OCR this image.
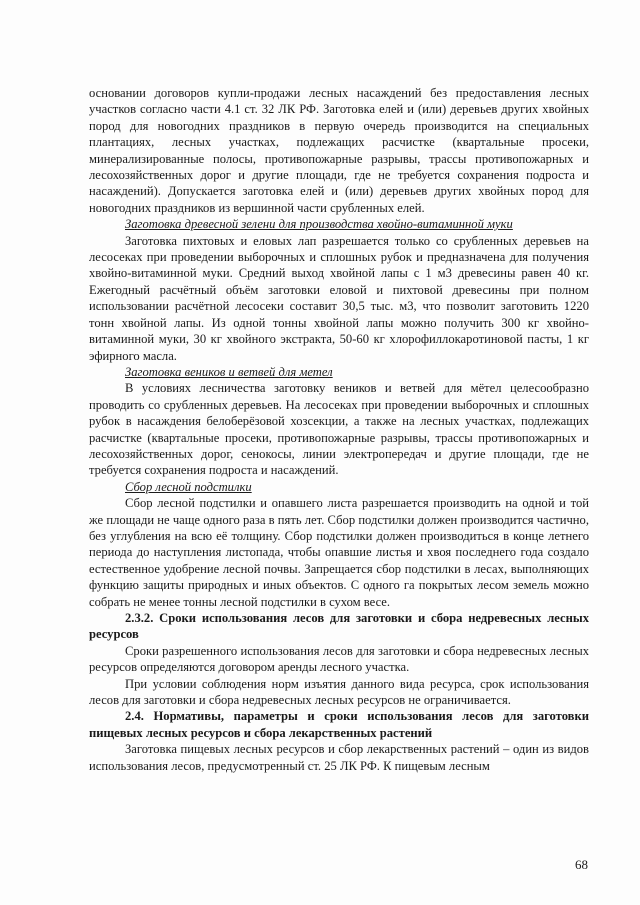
основании договоров купли-продажи лесных насаждений без предоставления лесных участков согласно части 4.1 ст. 32 ЛК РФ. Заготовка елей и (или) деревьев других хвойных пород для новогодних праздников в первую очередь производится на специальных плантациях, лесных участках, подлежащих расчистке (квартальные просеки, минерализированные полосы, противопожарные разрывы, трассы противопожарных и лесохозяйственных дорог и другие площади, где не требуется сохранения подроста и насаждений). Допускается заготовка елей и (или) деревьев других хвойных пород для новогодних праздников из вершинной части срубленных елей.

Заготовка древесной зелени для производства хвойно-витаминной муки

Заготовка пихтовых и еловых лап разрешается только со срубленных деревьев на лесосеках при проведении выборочных и сплошных рубок и предназначена для получения хвойно-витаминной муки. Средний выход хвойной лапы с 1 м3 древесины равен 40 кг. Ежегодный расчётный объём заготовки еловой и пихтовой древесины при полном использовании расчётной лесосеки составит 30,5 тыс. м3, что позволит заготовить 1220 тонн хвойной лапы. Из одной тонны хвойной лапы можно получить 300 кг хвойно-витаминной муки, 30 кг хвойного экстракта, 50-60 кг хлорофиллокаротиновой пасты, 1 кг эфирного масла.

Заготовка веников и ветвей для метел

В условиях лесничества заготовку веников и ветвей для мётел целесообразно проводить со срубленных деревьев. На лесосеках при проведении выборочных и сплошных рубок в насаждения белоберёзовой хозсекции, а также на лесных участках, подлежащих расчистке (квартальные просеки, противопожарные разрывы, трассы противопожарных и лесохозяйственных дорог, сенокосы, линии электропередач и другие площади, где не требуется сохранения подроста и насаждений.

Сбор лесной подстилки

Сбор лесной подстилки и опавшего листа разрешается производить на одной и той же площади не чаще одного раза в пять лет. Сбор подстилки должен производится частично, без углубления на всю её толщину. Сбор подстилки должен производиться в конце летнего периода до наступления листопада, чтобы опавшие листья и хвоя последнего года создало естественное удобрение лесной почвы. Запрещается сбор подстилки в лесах, выполняющих функцию защиты природных и иных объектов. С одного га покрытых лесом земель можно собрать не менее тонны лесной подстилки в сухом весе.

2.3.2. Сроки использования лесов для заготовки и сбора недревесных лесных ресурсов

Сроки разрешенного использования лесов для заготовки и сбора недревесных лесных ресурсов определяются договором аренды лесного участка.

При условии соблюдения норм изъятия данного вида ресурса, срок использования лесов для заготовки и сбора недревесных лесных ресурсов не ограничивается.

2.4. Нормативы, параметры и сроки использования лесов для заготовки пищевых лесных ресурсов и сбора лекарственных растений

Заготовка пищевых лесных ресурсов и сбор лекарственных растений – один из видов использования лесов, предусмотренный ст. 25 ЛК РФ. К пищевым лесным

68
